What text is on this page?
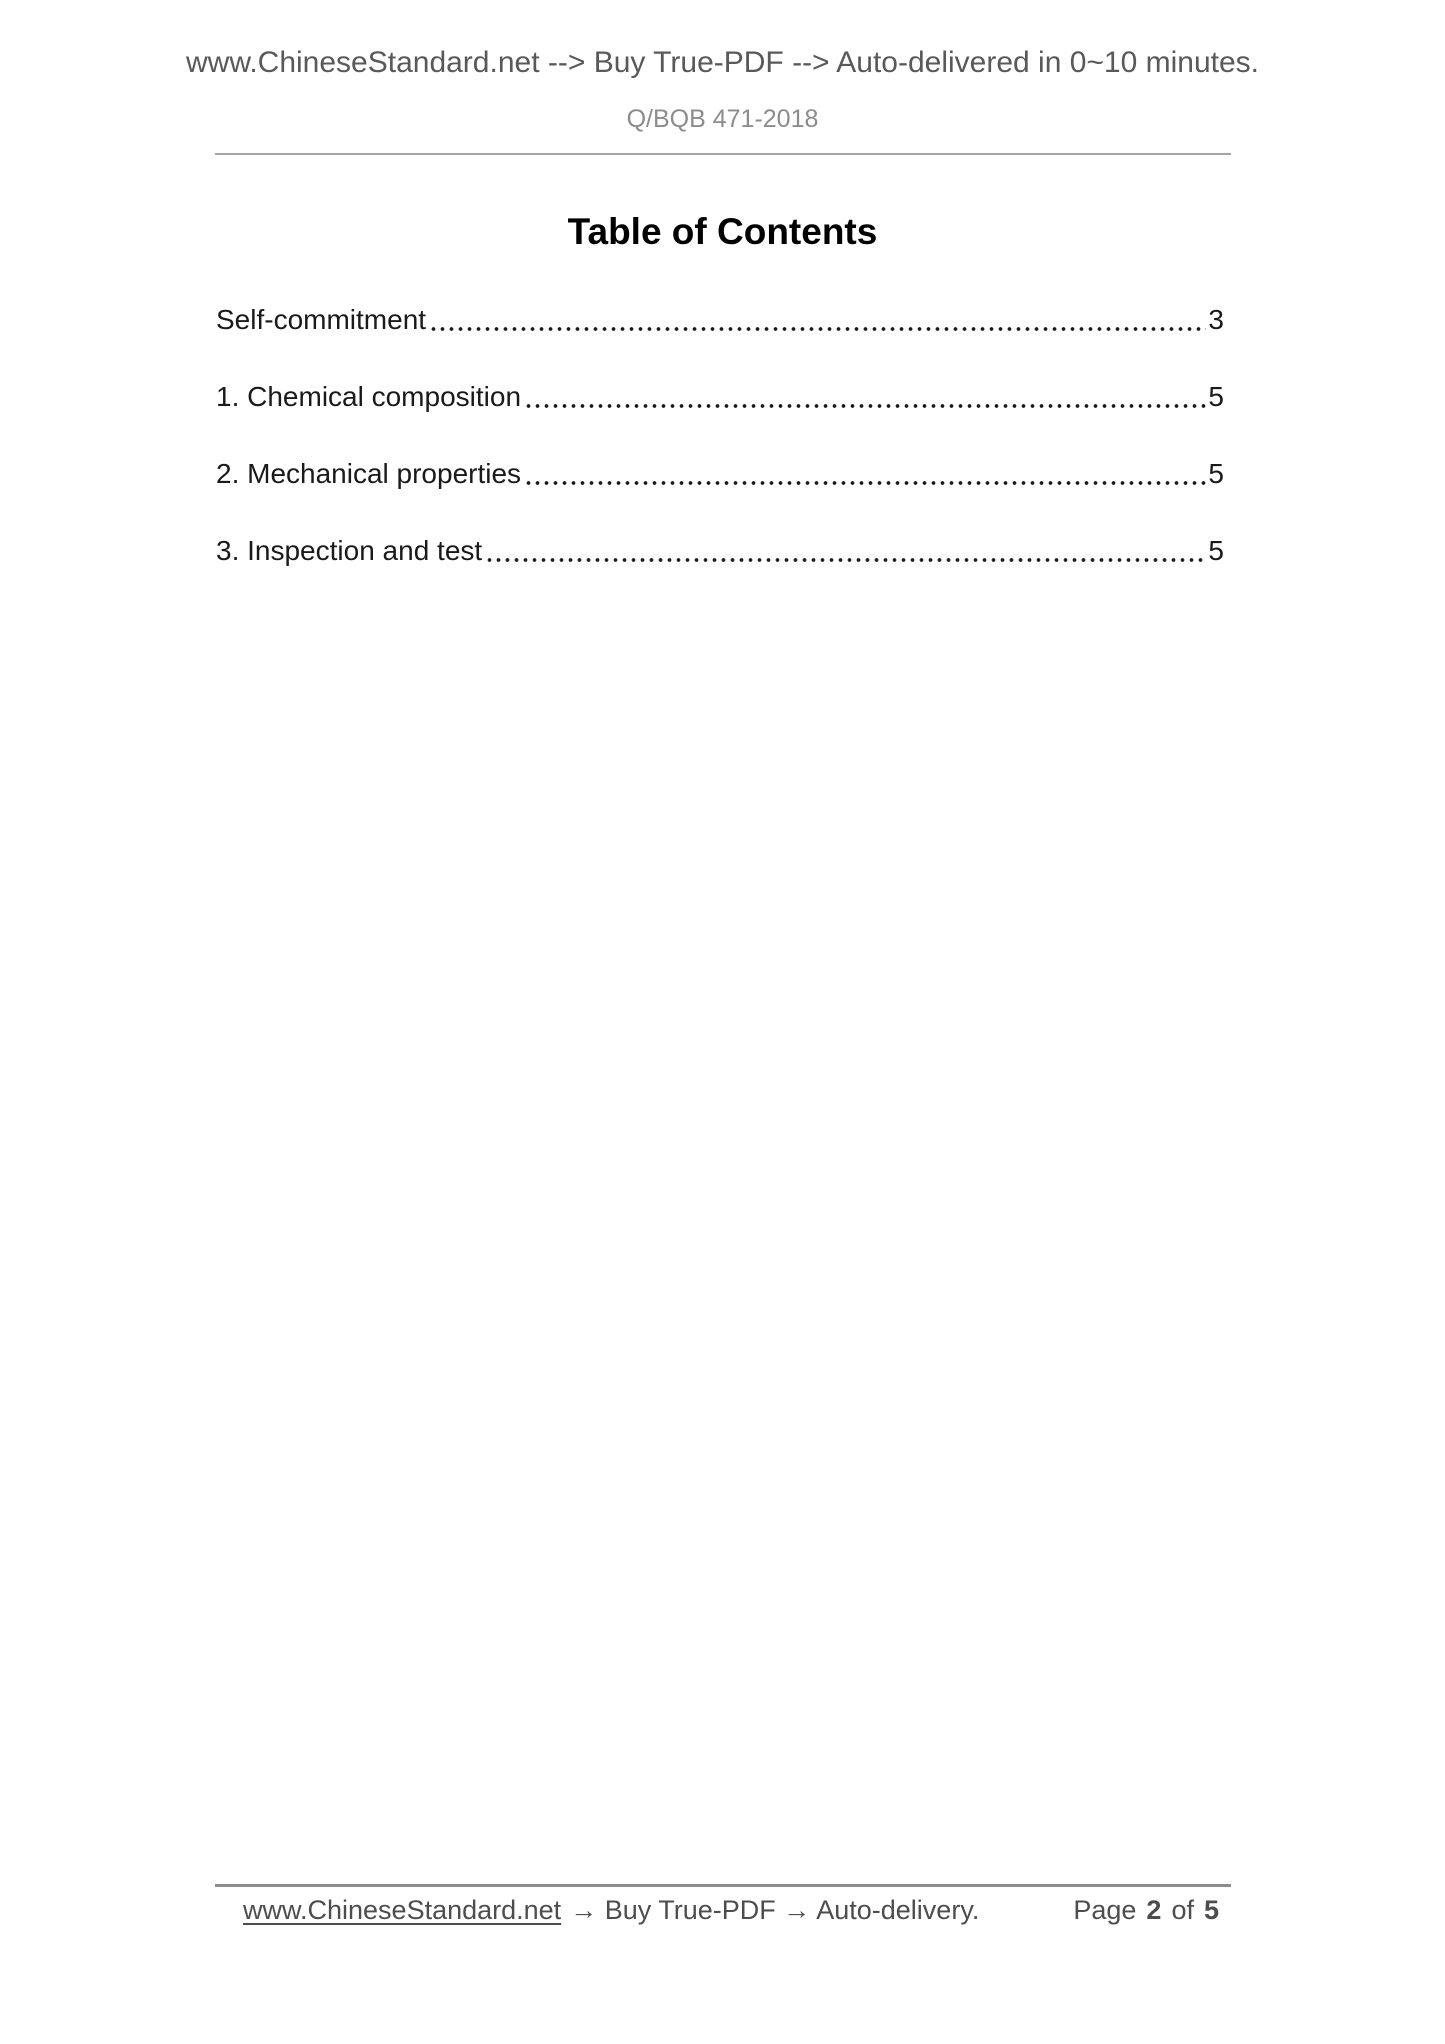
www.ChineseStandard.net --> Buy True-PDF --> Auto-delivered in 0~10 minutes.
Q/BQB 471-2018
Table of Contents
Self-commitment	3
1. Chemical composition	5
2. Mechanical properties	5
3. Inspection and test	5
www.ChineseStandard.net → Buy True-PDF → Auto-delivery.	Page 2 of 5
